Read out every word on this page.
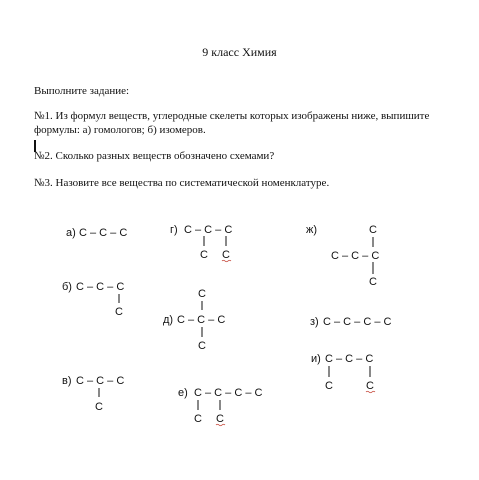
9 класс Химия
Выполните задание:
№1. Из формул веществ, углеродные скелеты которых изображены ниже, выпишите
формулы: а) гомологов; б) изомеров.
№2. Сколько разных веществ обозначено схемами?
№3. Назовите все вещества по систематической номенклатуре.
а) C – C – C	г) C – C – C
C C
ж)	C
C – C – C
C
б) C – C – C
C
C
д) C – C – C
C
з) C – C – C – C
и) C – C – C
C	C
в) C – C – C
C
е) C – C – C – C
C C
